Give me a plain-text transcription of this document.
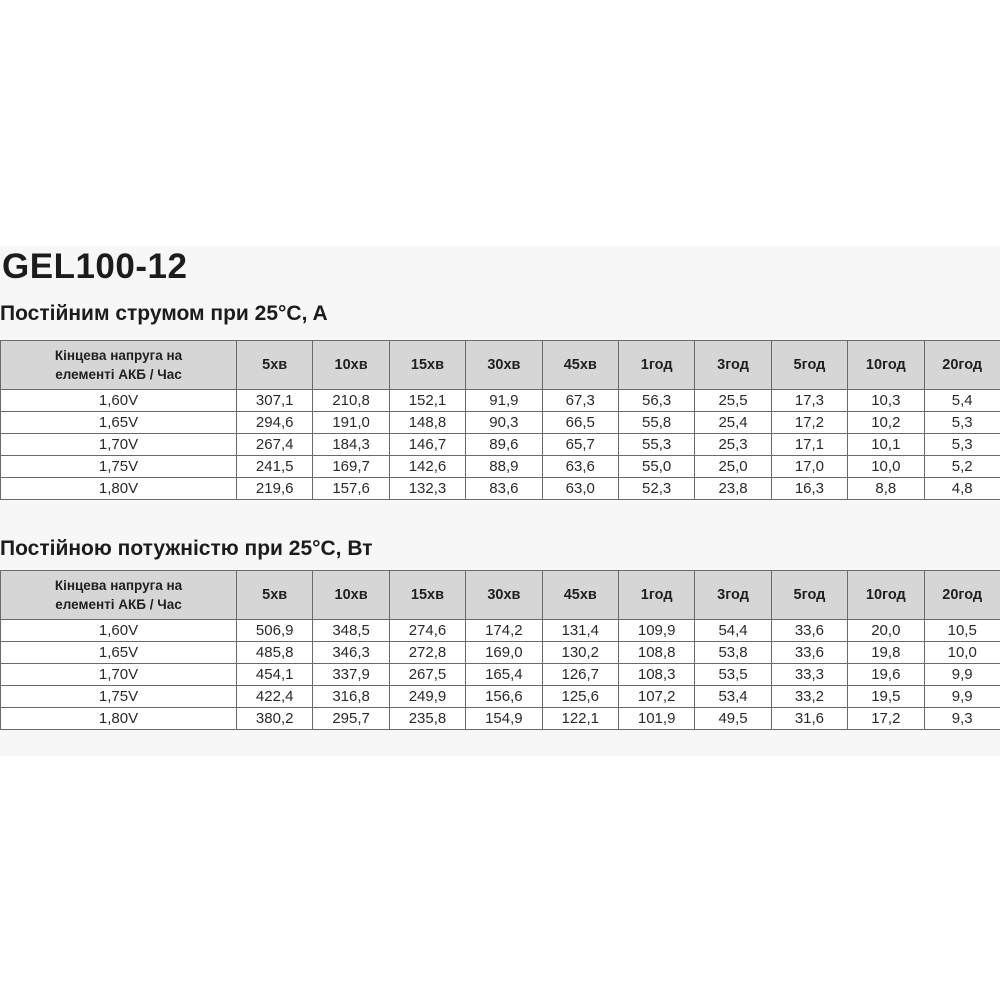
GEL100-12
Постійним струмом при 25°C, A
Кінцева напруга на
елементі АКБ / Час	5хв	10хв	15хв	30хв	45хв	1год	3год	5год	10год	20год
1,60V	307,1	210,8	152,1	91,9	67,3	56,3	25,5	17,3	10,3	5,4
1,65V	294,6	191,0	148,8	90,3	66,5	55,8	25,4	17,2	10,2	5,3
1,70V	267,4	184,3	146,7	89,6	65,7	55,3	25,3	17,1	10,1	5,3
1,75V	241,5	169,7	142,6	88,9	63,6	55,0	25,0	17,0	10,0	5,2
1,80V	219,6	157,6	132,3	83,6	63,0	52,3	23,8	16,3	8,8	4,8
Постійною потужністю при 25°C, Вт
Кінцева напруга на
елементі АКБ / Час	5хв	10хв	15хв	30хв	45хв	1год	3год	5год	10год	20год
1,60V	506,9	348,5	274,6	174,2	131,4	109,9	54,4	33,6	20,0	10,5
1,65V	485,8	346,3	272,8	169,0	130,2	108,8	53,8	33,6	19,8	10,0
1,70V	454,1	337,9	267,5	165,4	126,7	108,3	53,5	33,3	19,6	9,9
1,75V	422,4	316,8	249,9	156,6	125,6	107,2	53,4	33,2	19,5	9,9
1,80V	380,2	295,7	235,8	154,9	122,1	101,9	49,5	31,6	17,2	9,3
